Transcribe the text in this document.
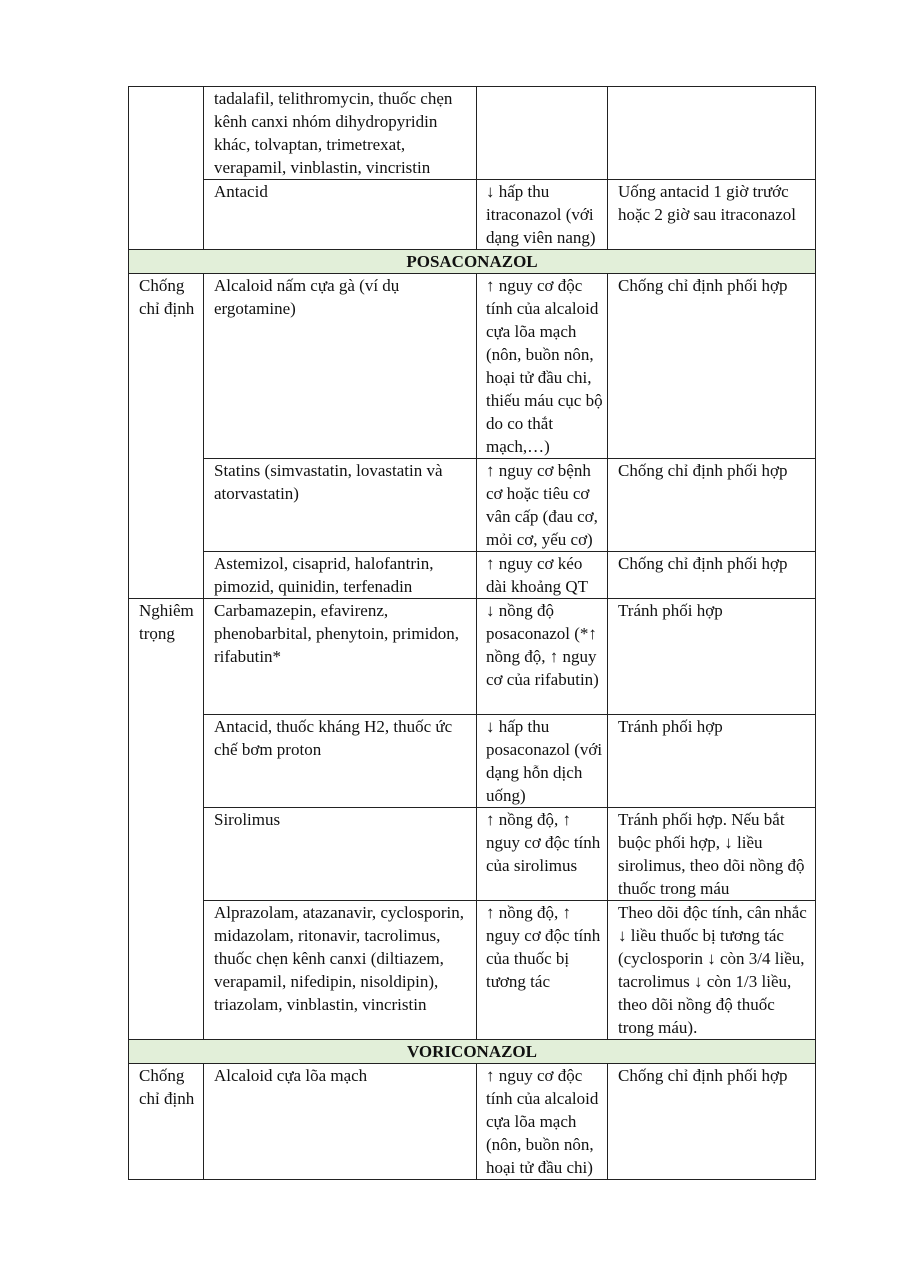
	tadalafil, telithromycin, thuốc chẹn kênh canxi nhóm dihydropyridin khác, tolvaptan, trimetrexat, verapamil, vinblastin, vincristin		
	Antacid	↓ hấp thu itraconazol (với dạng viên nang)	Uống antacid 1 giờ trước hoặc 2 giờ sau itraconazol
POSACONAZOL			
Chống chỉ định	Alcaloid nấm cựa gà (ví dụ ergotamine)	↑ nguy cơ độc tính của alcaloid cựa lõa mạch (nôn, buồn nôn, hoại tử đầu chi, thiếu máu cục bộ do co thắt mạch,…)	Chống chỉ định phối hợp
	Statins (simvastatin, lovastatin và atorvastatin)	↑ nguy cơ bệnh cơ hoặc tiêu cơ vân cấp (đau cơ, mỏi cơ, yếu cơ)	Chống chỉ định phối hợp
	Astemizol, cisaprid, halofantrin, pimozid, quinidin, terfenadin	↑ nguy cơ kéo dài khoảng QT	Chống chỉ định phối hợp
Nghiêm trọng	Carbamazepin, efavirenz, phenobarbital, phenytoin, primidon, rifabutin*	↓ nồng độ posaconazol (*↑ nồng độ, ↑ nguy cơ của rifabutin)	Tránh phối hợp
	Antacid, thuốc kháng H2, thuốc ức chế bơm proton	↓ hấp thu posaconazol (với dạng hỗn dịch uống)	Tránh phối hợp
	Sirolimus	↑ nồng độ, ↑ nguy cơ độc tính của sirolimus	Tránh phối hợp. Nếu bắt buộc phối hợp, ↓ liều sirolimus, theo dõi nồng độ thuốc trong máu
	Alprazolam, atazanavir, cyclosporin, midazolam, ritonavir, tacrolimus, thuốc chẹn kênh canxi (diltiazem, verapamil, nifedipin, nisoldipin), triazolam, vinblastin, vincristin	↑ nồng độ, ↑ nguy cơ độc tính của thuốc bị tương tác	Theo dõi độc tính, cân nhắc ↓ liều thuốc bị tương tác (cyclosporin ↓ còn 3/4 liều, tacrolimus ↓ còn 1/3 liều, theo dõi nồng độ thuốc trong máu).
VORICONAZOL			
Chống chỉ định	Alcaloid cựa lõa mạch	↑ nguy cơ độc tính của alcaloid cựa lõa mạch (nôn, buồn nôn, hoại tử đầu chi)	Chống chỉ định phối hợp
